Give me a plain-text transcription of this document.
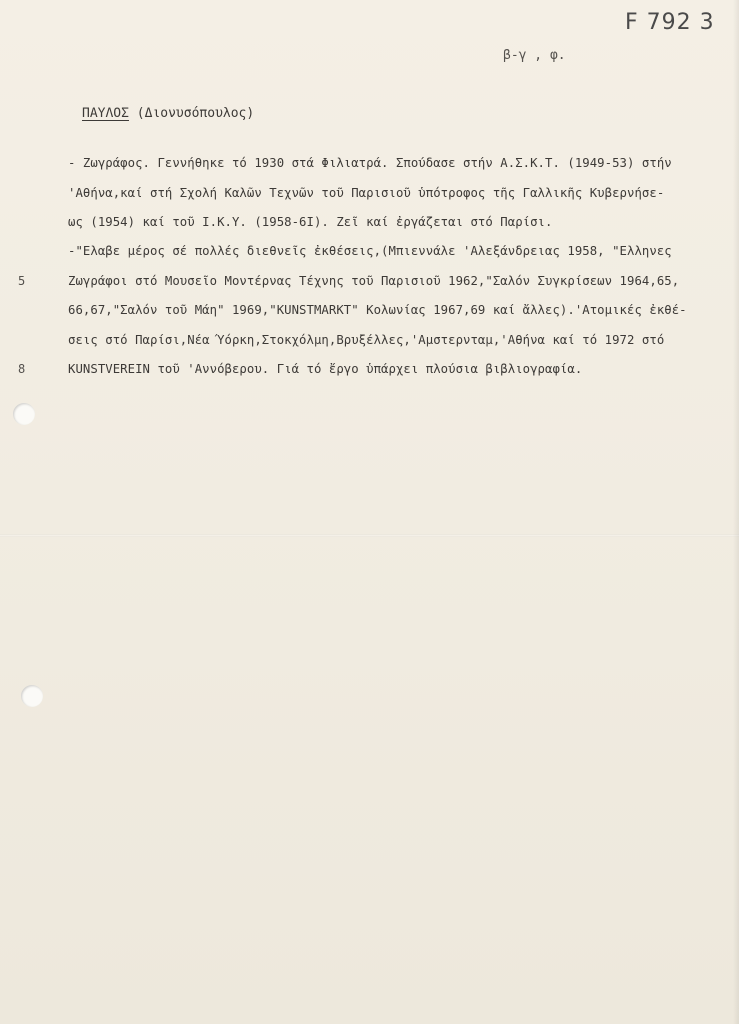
F 792 3
β-γ , φ.
ΠΑΥΛΟΣ (Διονυσόπουλος)
- Ζωγράφος. Γεννήθηκε τό 1930 στά Φιλιατρά. Σπούδασε στήν Α.Σ.Κ.Τ. (1949-53) στήν
'Αθήνα,καί στή Σχολή Καλῶν Τεχνῶν τοῦ Παρισιοῦ ὑπότροφος τῆς Γαλλικῆς Κυβερνήσε-
ως (1954) καί τοῦ Ι.Κ.Υ. (1958-6Ι). Ζεῖ καί ἐργάζεται στό Παρίσι.
-"Ελαβε μέρος σέ πολλές διεθνεῖς ἐκθέσεις,(Μπιεννάλε 'Αλεξάνδρειας 1958, "Ελληνες
Ζωγράφοι στό Μουσεῖο Μοντέρνας Τέχνης τοῦ Παρισιοῦ 1962,"Σαλόν Συγκρίσεων 1964,65,
66,67,"Σαλόν τοῦ Μάη" 1969,"KUNSTMARKT" Κολωνίας 1967,69 καί ἄλλες).'Ατομικές ἐκθέ-
σεις στό Παρίσι,Νέα Ύόρκη,Στοκχόλμη,Βρυξέλλες,'Αμστερνταμ,'Αθήνα καί τό 1972 στό
KUNSTVEREIN τοῦ 'Αννόβερου. Γιά τό ἔργο ὑπάρχει πλούσια βιβλιογραφία.
5
8
